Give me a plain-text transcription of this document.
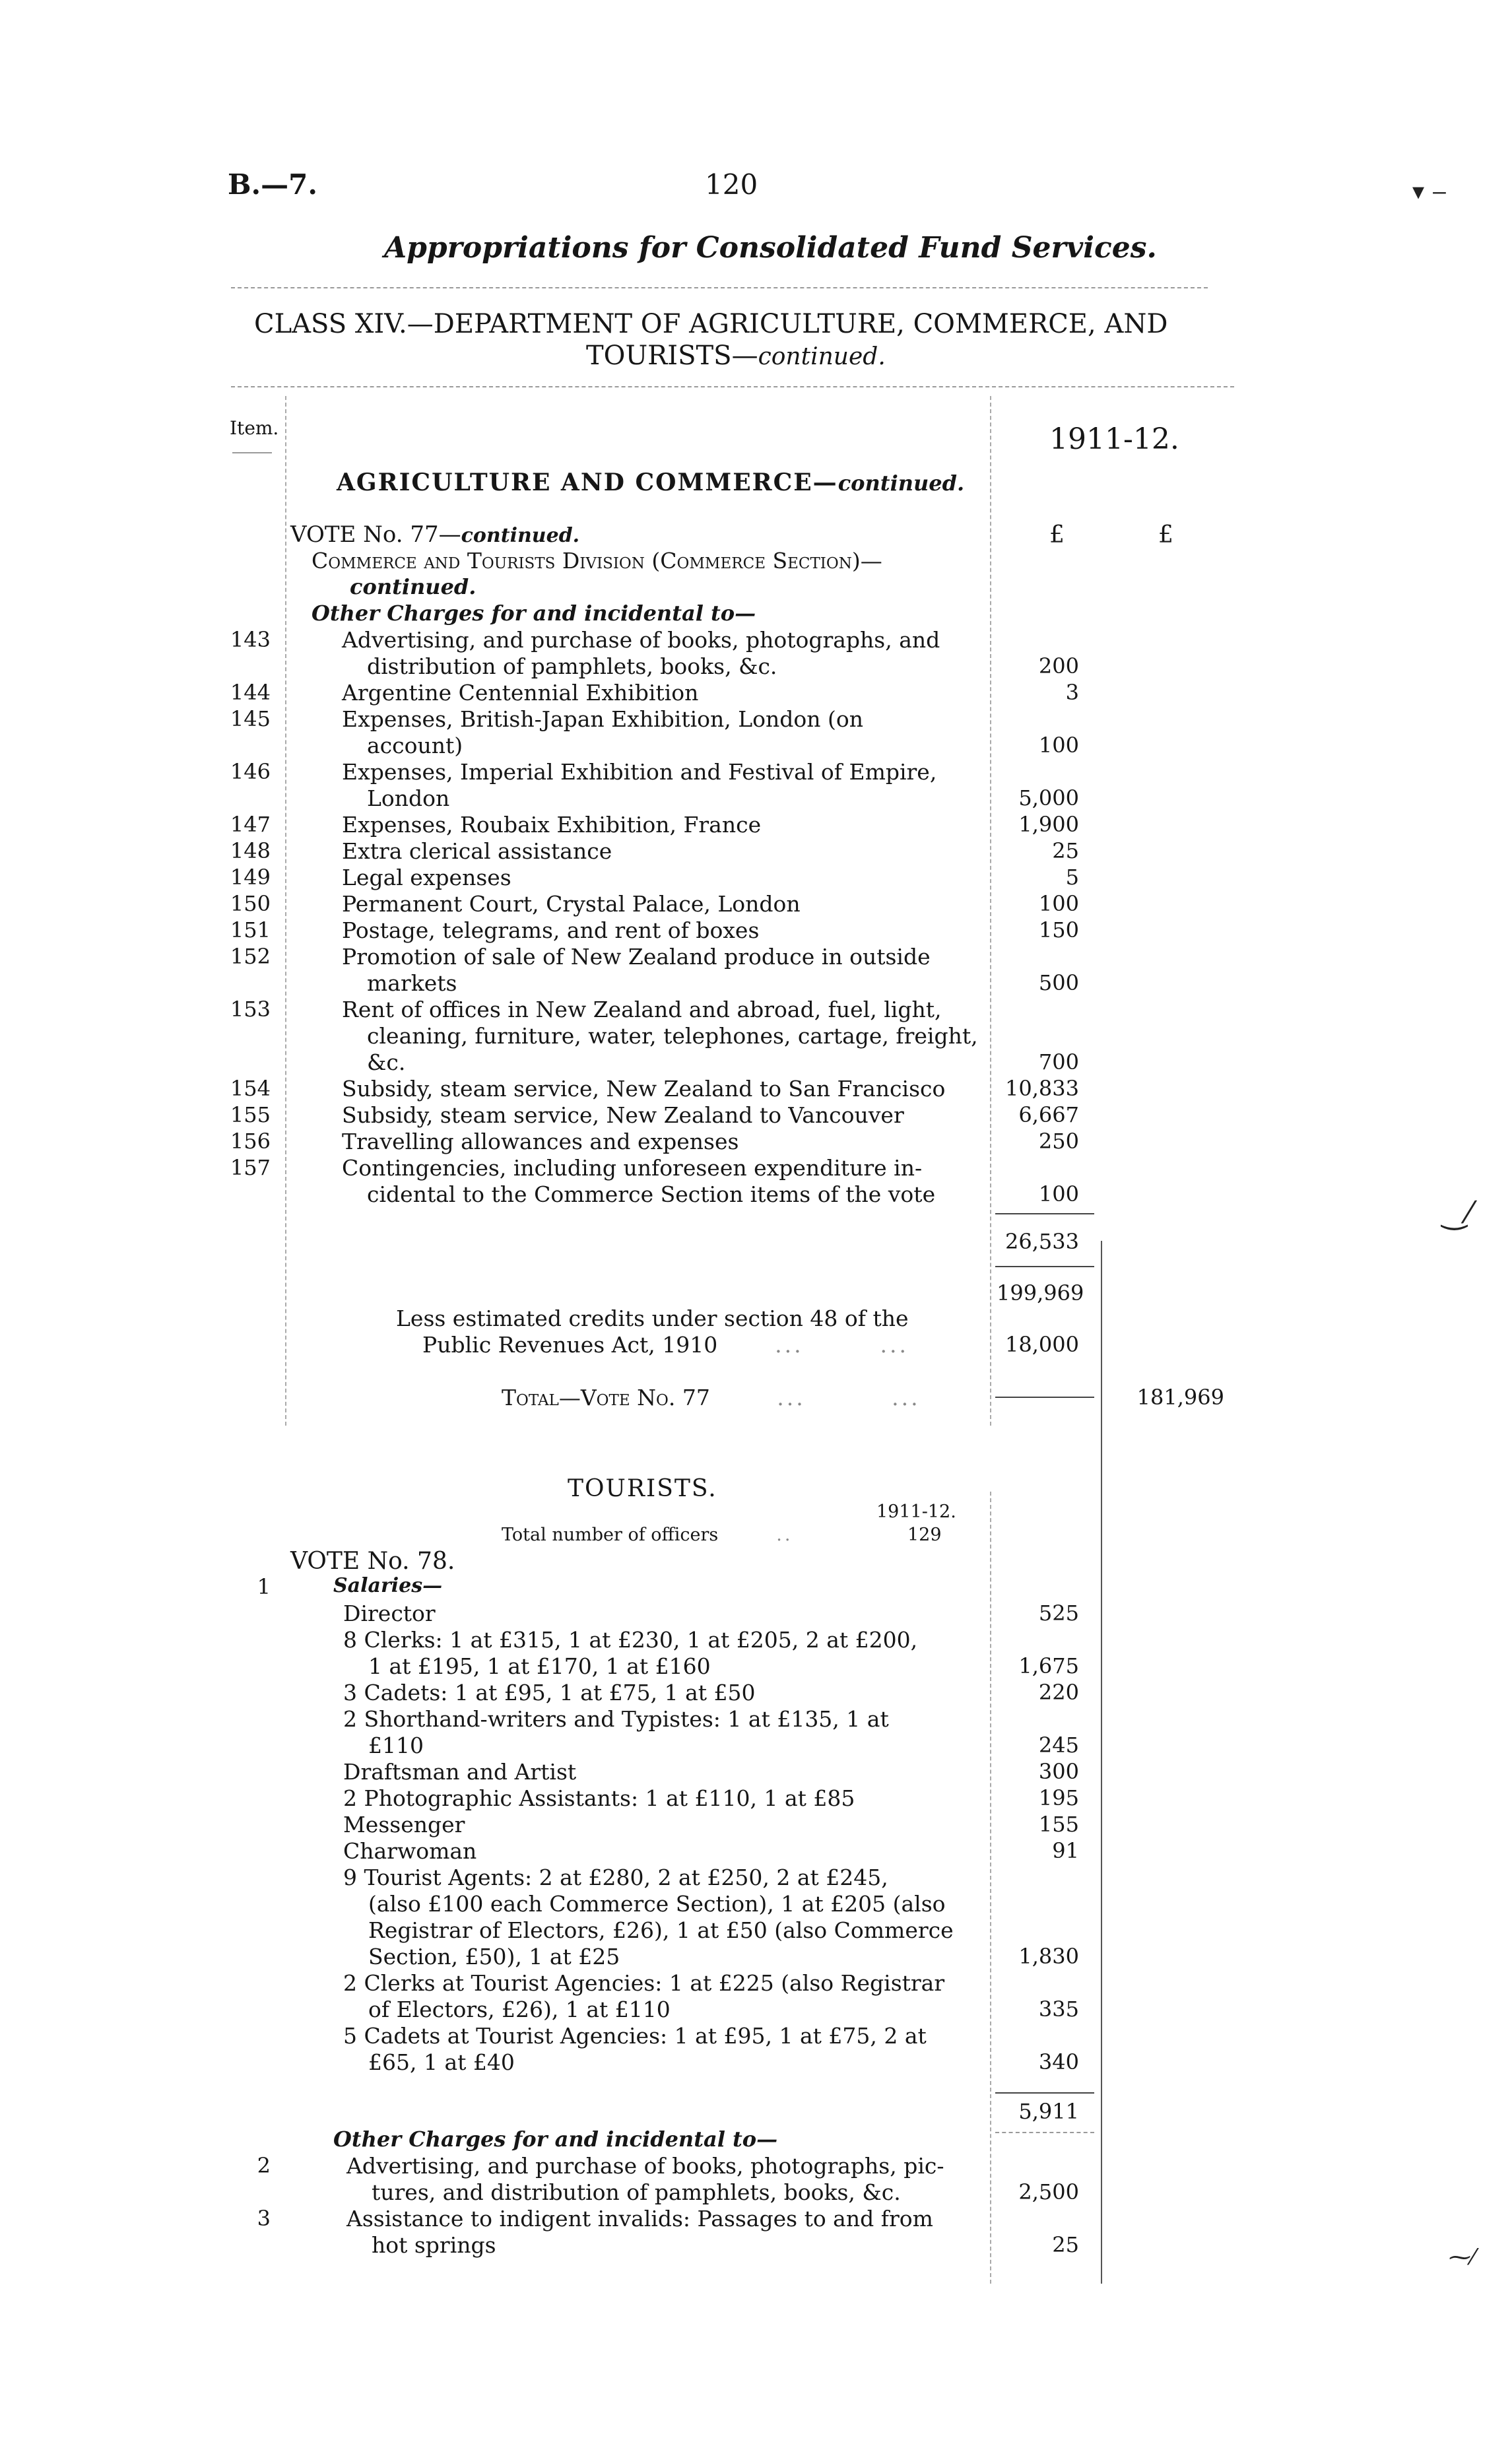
B.—7.	120
Appropriations for Consolidated Fund Services.
CLASS XIV.—DEPARTMENT OF AGRICULTURE, COMMERCE, AND
TOURISTS—continued.
Item.	1911-12.
£	£
AGRICULTURE AND COMMERCE—continued.
VOTE No. 77—continued.
Commerce and Tourists Division (Commerce Section)—
continued.
Other Charges for and incidental to—
143	Advertising, and purchase of books, photographs, and
distribution of pamphlets, books, &c.	200
144	Argentine Centennial Exhibition	3
145	Expenses, British-Japan Exhibition, London (on
account)	100
146	Expenses, Imperial Exhibition and Festival of Empire,
London	5,000
147	Expenses, Roubaix Exhibition, France	1,900
148	Extra clerical assistance	25
149	Legal expenses	5
150	Permanent Court, Crystal Palace, London	100
151	Postage, telegrams, and rent of boxes	150
152	Promotion of sale of New Zealand produce in outside
markets	500
153	Rent of offices in New Zealand and abroad, fuel, light,
cleaning, furniture, water, telephones, cartage, freight,
&c.	700
154	Subsidy, steam service, New Zealand to San Francisco	10,833
155	Subsidy, steam service, New Zealand to Vancouver	6,667
156	Travelling allowances and expenses	250
157	Contingencies, including unforeseen expenditure in-
cidental to the Commerce Section items of the vote	100
26,533
199,969
Less estimated credits under section 48 of the
Public Revenues Act, 1910      ...        ...	18,000
Total—Vote No. 77       ...         ...	181,969
TOURISTS.
1911-12.
Total number of officers       ..	129
VOTE No. 78.
1	Salaries—
Director	525
8 Clerks: 1 at £315, 1 at £230, 1 at £205, 2 at £200,
1 at £195, 1 at £170, 1 at £160	1,675
3 Cadets: 1 at £95, 1 at £75, 1 at £50	220
2 Shorthand-writers and Typistes: 1 at £135, 1 at
£110	245
Draftsman and Artist	300
2 Photographic Assistants: 1 at £110, 1 at £85	195
Messenger	155
Charwoman	91
9 Tourist Agents: 2 at £280, 2 at £250, 2 at £245,
(also £100 each Commerce Section), 1 at £205 (also
Registrar of Electors, £26), 1 at £50 (also Commerce
Section, £50), 1 at £25	1,830
2 Clerks at Tourist Agencies: 1 at £225 (also Registrar
of Electors, £26), 1 at £110	335
5 Cadets at Tourist Agencies: 1 at £95, 1 at £75, 2 at
£65, 1 at £40	340
5,911
Other Charges for and incidental to—
2	Advertising, and purchase of books, photographs, pic-
tures, and distribution of pamphlets, books, &c.	2,500
3	Assistance to indigent invalids: Passages to and from
hot springs	25
▾ ‒
‿⁄
⁓⁄
